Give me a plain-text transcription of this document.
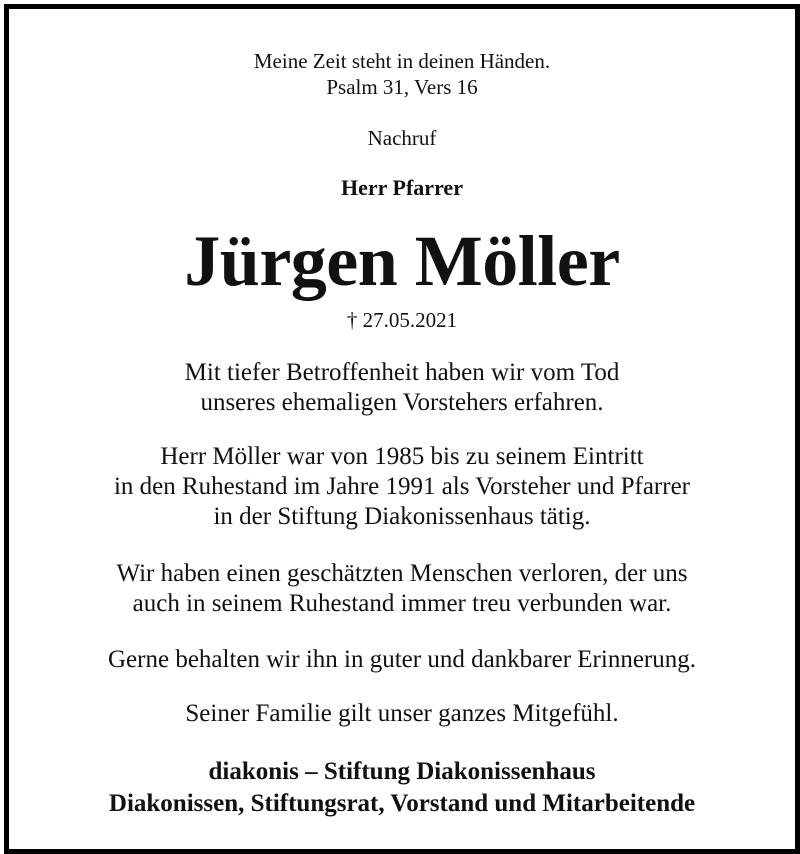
Meine Zeit steht in deinen Händen.
Psalm 31, Vers 16
Nachruf
Herr Pfarrer
Jürgen Möller
† 27.05.2021
Mit tiefer Betroffenheit haben wir vom Tod
unseres ehemaligen Vorstehers erfahren.
Herr Möller war von 1985 bis zu seinem Eintritt
in den Ruhestand im Jahre 1991 als Vorsteher und Pfarrer
in der Stiftung Diakonissenhaus tätig.
Wir haben einen geschätzten Menschen verloren, der uns
auch in seinem Ruhestand immer treu verbunden war.
Gerne behalten wir ihn in guter und dankbarer Erinnerung.
Seiner Familie gilt unser ganzes Mitgefühl.
diakonis – Stiftung Diakonissenhaus
Diakonissen, Stiftungsrat, Vorstand und Mitarbeitende
